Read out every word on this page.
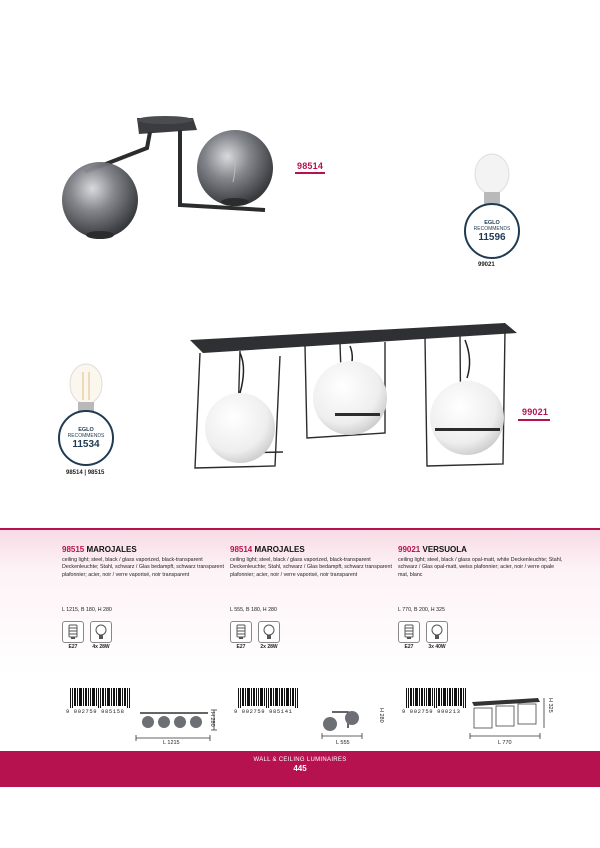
98514
EGLO
RECOMMENDS
11596
99021
99021
EGLO
RECOMMENDS
11534
98514 | 98515
98515 MAROJALES
ceiling light; steel, black / glass vaporized, black-transparent Deckenleuchte; Stahl, schwarz / Glas bedampft, schwarz transparent plafonnier; acier, noir / verre vaporisé, noir transparent
L 1215, B 180, H 280
E27	4x 28W
98514 MAROJALES
ceiling light; steel, black / glass vaporized, black-transparent Deckenleuchte; Stahl, schwarz / Glas bedampft, schwarz transparent plafonnier; acier, noir / verre vaporisé, noir transparent
L 555, B 180, H 280
E27	2x 28W
99021 VERSUOLA
ceiling light; steel, black / glass opal-matt, white Deckenleuchte; Stahl, schwarz / Glas opal-matt, weiss plafonnier; acier, noir / verre opale mat, blanc
L 770, B 200, H 325
E27	3x 40W
9 002759 985158
L 1215
H 280
9 002759 985141
L 555
H 280	9 002759 990213
L 770
H 325
WALL & CEILING LUMINAIRES
445
